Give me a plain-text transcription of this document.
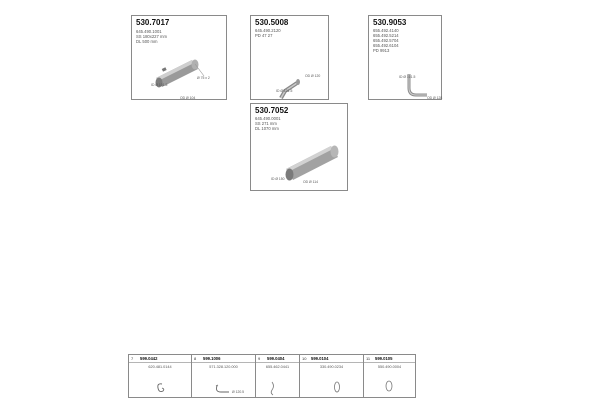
530.7017
645.490.1001
SS 180x227 mm
DL 500 mm
ID Ø 101.5
OD Ø 104
Ø 75 x 2
530.5008
645.490.2120
PD 47 27
OD Ø 120
ID Ø 101.5
530.9053
655.492.4140
655.492.5214
655.492.5704
655.492.6104
PD 9913
ID Ø 101.5
OD Ø 128
530.7052
645.490.0001
SS 271 mm
DL 1070 mm
ID Ø 150
OD Ø 114
7 599.0442
620.481.0144
8 599.1006
571.328.120.000
Ø 120.5
9 599.0404
655.462.0441
10 599.0104
330.490.0234
11 599.0105
550.490.0004
